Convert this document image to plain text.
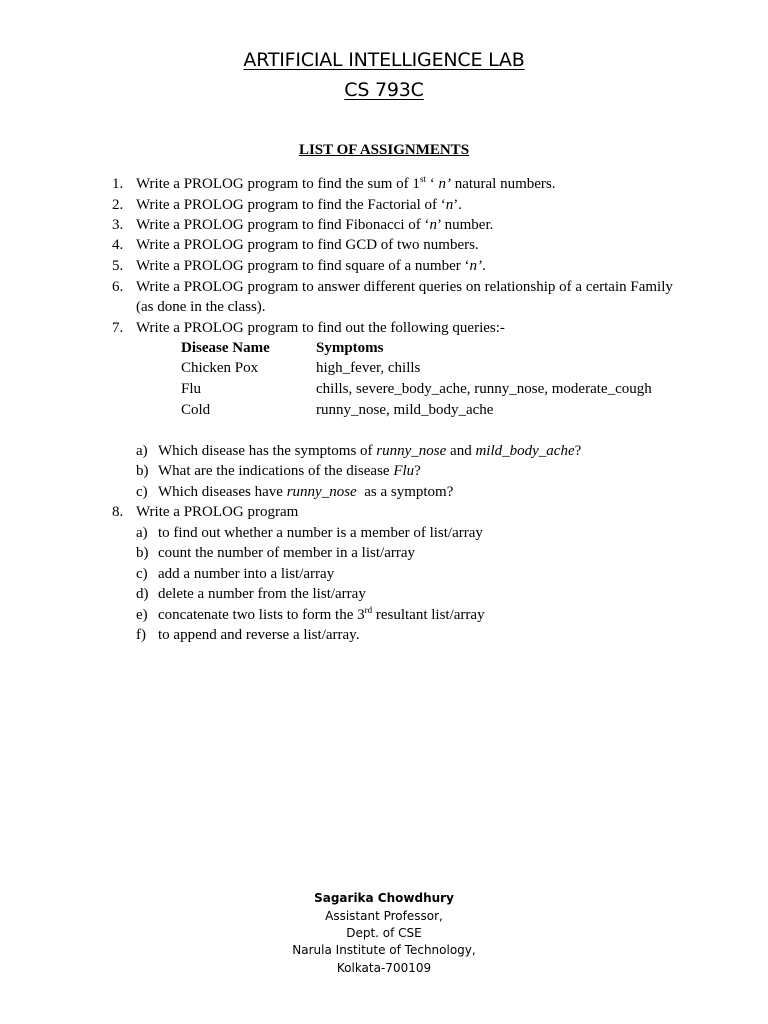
ARTIFICIAL INTELLIGENCE LAB
CS 793C
LIST OF ASSIGNMENTS
1. Write a PROLOG program to find the sum of 1st ‘ n’ natural numbers.
2. Write a PROLOG program to find the Factorial of ‘n’.
3. Write a PROLOG program to find Fibonacci of ‘n’ number.
4. Write a PROLOG program to find GCD of two numbers.
5. Write a PROLOG program to find square of a number ‘n’.
6. Write a PROLOG program to answer different queries on relationship of a certain Family
(as done in the class).
7. Write a PROLOG program to find out the following queries:-
Disease Name	Symptoms
Chicken Pox	high_fever, chills
Flu	chills, severe_body_ache, runny_nose, moderate_cough
Cold	runny_nose, mild_body_ache
a) Which disease has the symptoms of runny_nose and mild_body_ache?
b) What are the indications of the disease Flu?
c) Which diseases have runny_nose  as a symptom?
8. Write a PROLOG program
a) to find out whether a number is a member of list/array
b) count the number of member in a list/array
c) add a number into a list/array
d) delete a number from the list/array
e) concatenate two lists to form the 3rd resultant list/array
f) to append and reverse a list/array.
Sagarika Chowdhury
Assistant Professor,
Dept. of CSE
Narula Institute of Technology,
Kolkata-700109
